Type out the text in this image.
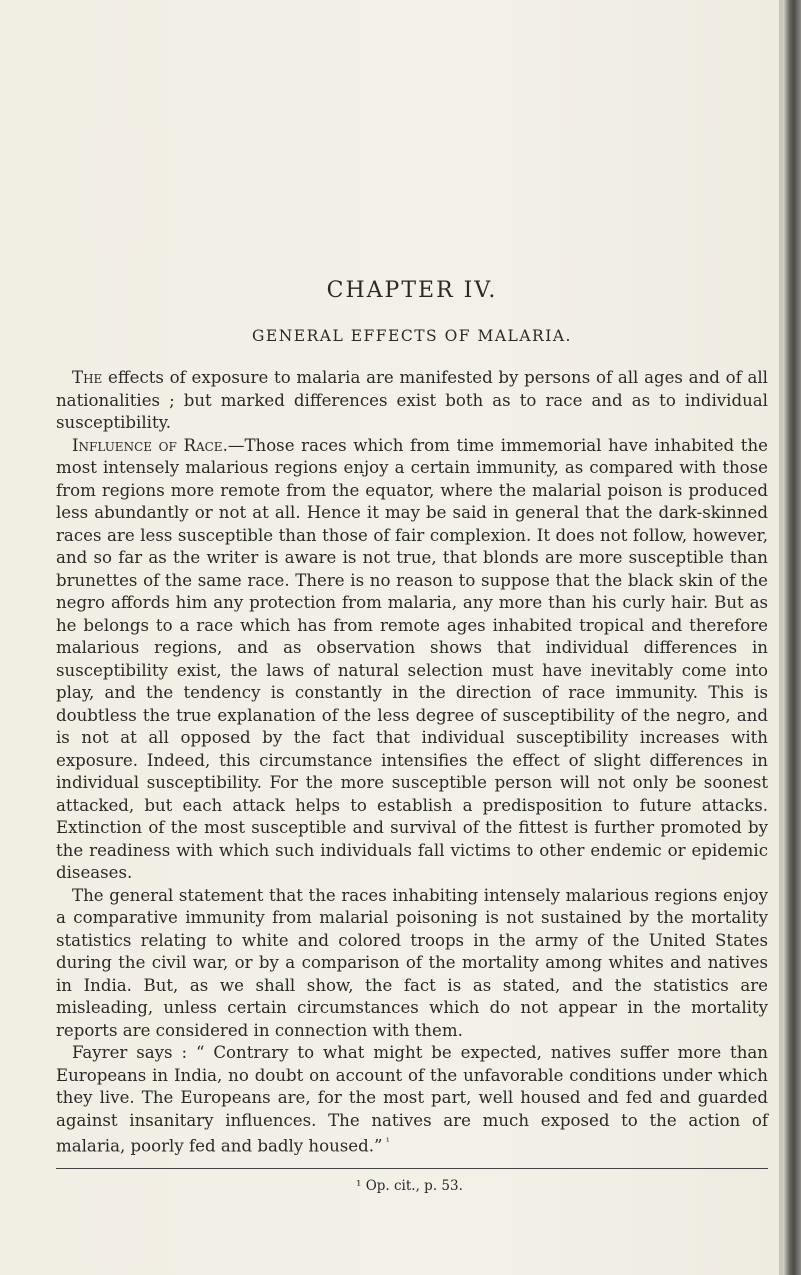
CHAPTER IV.
GENERAL EFFECTS OF MALARIA.

The effects of exposure to malaria are manifested by persons of all ages and of all nationalities ; but marked differences exist both as to race and as to individual susceptibility.

Influence of Race.—Those races which from time immemorial have inhabited the most intensely malarious regions enjoy a certain immunity, as compared with those from regions more remote from the equator, where the malarial poison is produced less abundantly or not at all. Hence it may be said in general that the dark-skinned races are less susceptible than those of fair complexion. It does not follow, however, and so far as the writer is aware is not true, that blonds are more susceptible than brunettes of the same race. There is no reason to suppose that the black skin of the negro affords him any protection from malaria, any more than his curly hair. But as he belongs to a race which has from remote ages inhabited tropical and therefore malarious regions, and as observation shows that individual differences in susceptibility exist, the laws of natural selection must have inevitably come into play, and the tendency is constantly in the direction of race immunity. This is doubtless the true explanation of the less degree of susceptibility of the negro, and is not at all opposed by the fact that individual susceptibility increases with exposure. Indeed, this circumstance intensifies the effect of slight differences in individual susceptibility. For the more susceptible person will not only be soonest attacked, but each attack helps to establish a predisposition to future attacks. Extinction of the most susceptible and survival of the fittest is further promoted by the readiness with which such individuals fall victims to other endemic or epidemic diseases.

The general statement that the races inhabiting intensely malarious regions enjoy a comparative immunity from malarial poisoning is not sustained by the mortality statistics relating to white and colored troops in the army of the United States during the civil war, or by a comparison of the mortality among whites and natives in India. But, as we shall show, the fact is as stated, and the statistics are misleading, unless certain circumstances which do not appear in the mortality reports are considered in connection with them.

Fayrer says : “ Contrary to what might be expected, natives suffer more than Europeans in India, no doubt on account of the unfavorable conditions under which they live. The Europeans are, for the most part, well housed and fed and guarded against insanitary influences. The natives are much exposed to the action of malaria, poorly fed and badly housed.” $^{^1}$

¹ Op. cit., p. 53.
